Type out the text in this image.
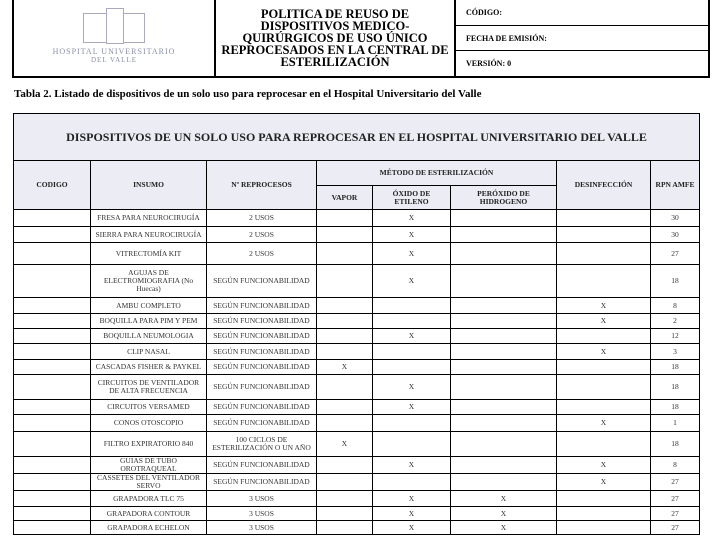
HOSPITAL UNIVERSITARIO
DEL VALLE
POLITICA DE REUSO DE DISPOSITIVOS MEDICO-QUIRÚRGICOS DE USO ÚNICO REPROCESADOS EN LA CENTRAL DE ESTERILIZACIÓN
CÓDIGO:
FECHA DE EMISIÓN:
VERSIÓN: 0
Tabla 2. Listado de dispositivos de un solo uso para reprocesar en el Hospital Universitario del Valle
DISPOSITIVOS DE UN SOLO USO PARA REPROCESAR EN EL HOSPITAL UNIVERSITARIO DEL VALLE							
CODIGO	INSUMO	Nº REPROCESOS	MÉTODO DE ESTERILIZACIÓN			DESINFECCIÓN	RPN AMFE
			VAPOR	ÓXIDO DE ETILENO	PERÓXIDO DE HIDROGENO		
	FRESA PARA NEUROCIRUGÍA	2 USOS		X			30
	SIERRA PARA NEUROCIRUGÍA	2 USOS		X			30
	VITRECTOMÍA KIT	2 USOS		X			27
	AGUJAS DE ELECTROMIOGRAFIA (No Huecas)	SEGÚN FUNCIONABILIDAD		X			18
	AMBU COMPLETO	SEGÚN FUNCIONABILIDAD				X	8
	BOQUILLA PARA PIM Y PEM	SEGÚN FUNCIONABILIDAD				X	2
	BOQUILLA NEUMOLOGIA	SEGÚN FUNCIONABILIDAD		X			12
	CLIP NASAL	SEGÚN FUNCIONABILIDAD				X	3
	CASCADAS FISHER & PAYKEL	SEGÚN FUNCIONABILIDAD	X				18
	CIRCUITOS DE VENTILADOR DE ALTA FRECUENCIA	SEGÚN FUNCIONABILIDAD		X			18
	CIRCUITOS VERSAMED	SEGÚN FUNCIONABILIDAD		X			18
	CONOS OTOSCOPIO	SEGÚN FUNCIONABILIDAD				X	1
	FILTRO EXPIRATORIO 840	100 CICLOS DE ESTERILIZACIÓN O UN AÑO	X				18
	GUIAS DE TUBO OROTRAQUEAL	SEGÚN FUNCIONABILIDAD		X		X	8
	CASSETES DEL VENTILADOR SERVO	SEGÚN FUNCIONABILIDAD				X	27
	GRAPADORA TLC 75	3 USOS		X	X		27
	GRAPADORA CONTOUR	3 USOS		X	X		27
	GRAPADORA ECHELON	3 USOS		X	X		27
